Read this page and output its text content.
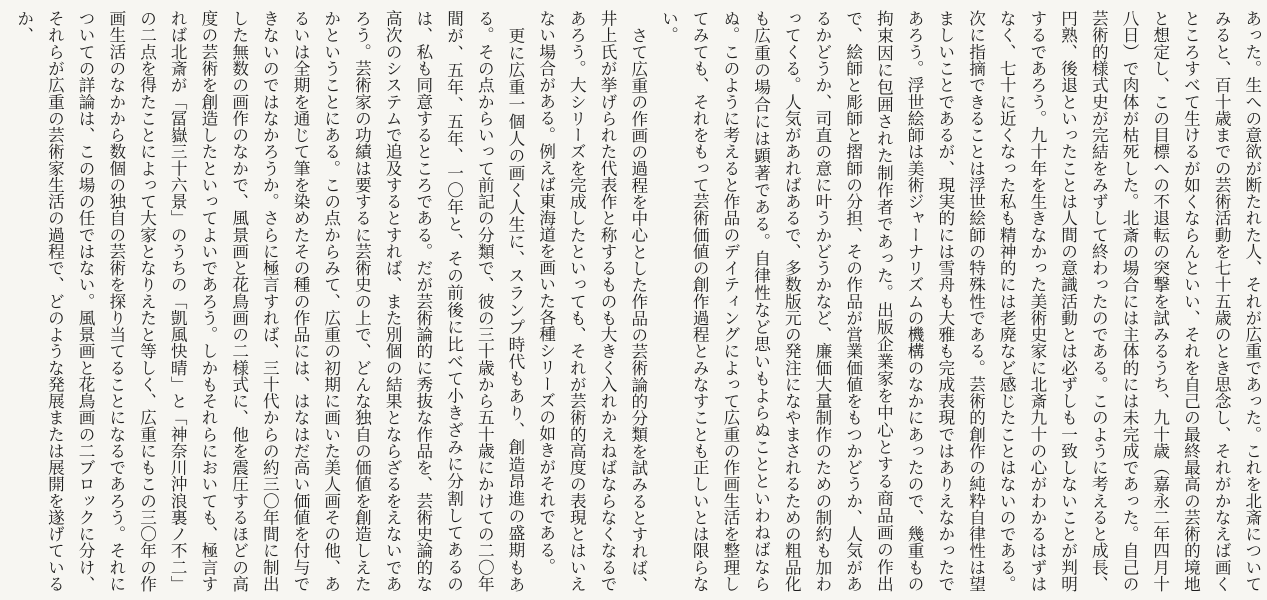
あった。生への意欲が断たれた人、それが広重であった。これを北斎についてみると、百十歳までの芸術活動を七十五歳のとき思念し、それがかなえば画くところすべて生けるが如くならんといい、それを自己の最終最高の芸術的境地と想定し、この目標への不退転の突撃を試みるうち、九十歳（嘉永二年四月十八日）で肉体が枯死した。北斎の場合には主体的には未完成であった。自己の芸術的様式史が完結をみずして終わったのである。このように考えると成長、円熟、後退といったことは人間の意識活動とは必ずしも一致しないことが判明するであろう。九十年を生きなかった美術史家に北斎九十の心がわかるはずはなく、七十に近くなった私も精神的には老廃など感じたことはないのである。次に指摘できることは浮世絵師の特殊性である。芸術的創作の純粋自律性は望ましいことであるが、現実的には雪舟も大雅も完成表現ではありえなかったであろう。浮世絵師は美術ジャーナリズムの機構のなかにあったので、幾重もの拘束因に包囲された制作者であった。出版企業家を中心とする商品画の作出で、絵師と彫師と摺師の分担、その作品が営業価値をもつかどうか、人気があるかどうか、司直の意に叶うかどうかなど、廉価大量制作のための制約も加わってくる。人気があればあるで、多数版元の発注になやまされるための粗品化も広重の場合には顕著である。自律性など思いもよらぬことといわねばならぬ。このように考えると作品のデイティングによって広重の作画生活を整理してみても、それをもって芸術価値の創作過程とみなすことも正しいとは限らない。

さて広重の作画の過程を中心とした作品の芸術論的分類を試みるとすれば、井上氏が挙げられた代表作と称するものも大きく入れかえねばならなくなるであろう。大シリーズを完成したといっても、それが芸術的高度の表現とはいえない場合がある。例えば東海道を画いた各種シリーズの如きがそれである。

更に広重一個人の画く人生に、スランプ時代もあり、創造昂進の盛期もある。その点からいって前記の分類で、彼の三十歳から五十歳にかけての二〇年間が、五年、五年、一〇年と、その前後に比べて小きざみに分割してあるのは、私も同意するところである。だが芸術論的に秀抜な作品を、芸術史論的な高次のシステムで追及するとすれば、また別個の結果とならざるをえないであろう。芸術家の功績は要するに芸術史の上で、どんな独自の価値を創造しえたかということにある。この点からみて、広重の初期に画いた美人画その他、あるいは全期を通じて筆を染めたその種の作品には、はなはだ高い価値を付与できないのではなかろうか。さらに極言すれば、三十代からの約三〇年間に制出した無数の画作のなかで、風景画と花鳥画の二様式に、他を震圧するほどの高度の芸術を創造したといってよいであろう。しかもそれらにおいても、極言すれば北斎が「冨嶽三十六景」のうちの「凱風快晴」と「神奈川沖浪裏ノ不二」の二点を得たことによって大家となりえたと等しく、広重にもこの三〇年の作画生活のなかから数個の独自の芸術を探り当てることになるであろう。それについての詳論は、この場の任ではない。風景画と花鳥画の二ブロックに分け、それらが広重の芸術家生活の過程で、どのような発展または展開を遂げているか、
